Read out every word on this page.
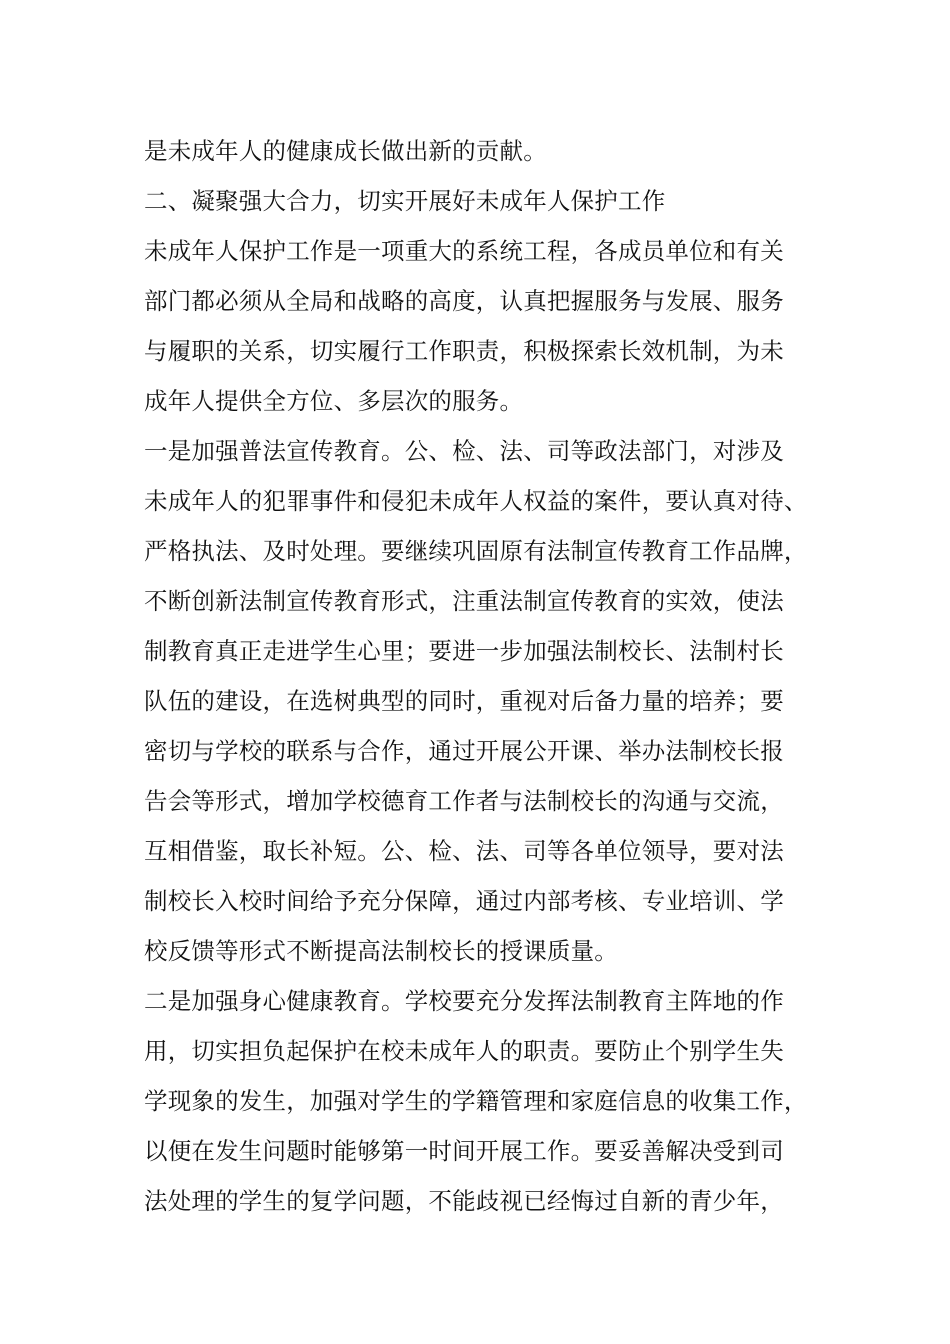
是未成年人的健康成长做出新的贡献。
二、凝聚强大合力，切实开展好未成年人保护工作
未成年人保护工作是一项重大的系统工程，各成员单位和有关
部门都必须从全局和战略的高度，认真把握服务与发展、服务
与履职的关系，切实履行工作职责，积极探索长效机制，为未
成年人提供全方位、多层次的服务。
一是加强普法宣传教育。公、检、法、司等政法部门，对涉及
未成年人的犯罪事件和侵犯未成年人权益的案件，要认真对待、
严格执法、及时处理。要继续巩固原有法制宣传教育工作品牌，
不断创新法制宣传教育形式，注重法制宣传教育的实效，使法
制教育真正走进学生心里；要进一步加强法制校长、法制村长
队伍的建设，在选树典型的同时，重视对后备力量的培养；要
密切与学校的联系与合作，通过开展公开课、举办法制校长报
告会等形式，增加学校德育工作者与法制校长的沟通与交流，
互相借鉴，取长补短。公、检、法、司等各单位领导，要对法
制校长入校时间给予充分保障，通过内部考核、专业培训、学
校反馈等形式不断提高法制校长的授课质量。
二是加强身心健康教育。学校要充分发挥法制教育主阵地的作
用，切实担负起保护在校未成年人的职责。要防止个别学生失
学现象的发生，加强对学生的学籍管理和家庭信息的收集工作，
以便在发生问题时能够第一时间开展工作。要妥善解决受到司
法处理的学生的复学问题，不能歧视已经悔过自新的青少年，
